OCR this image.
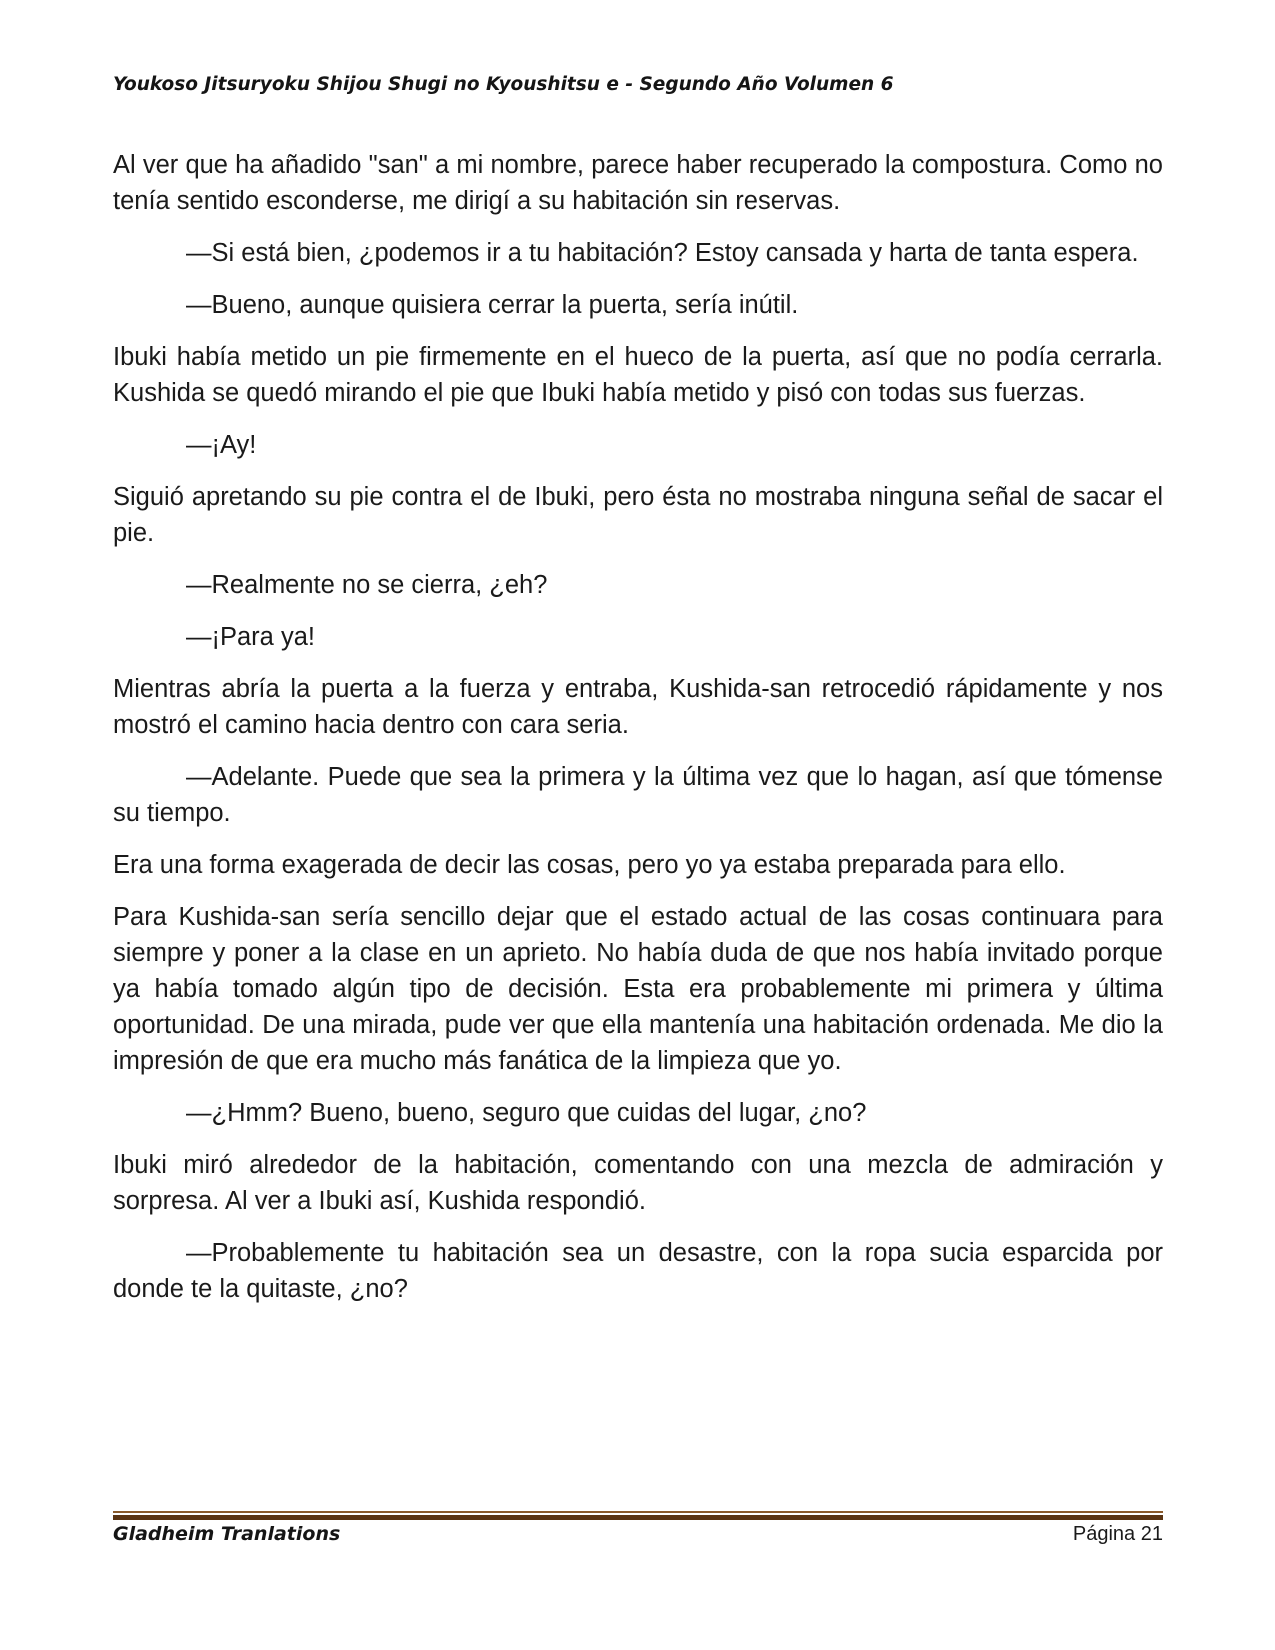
Youkoso Jitsuryoku Shijou Shugi no Kyoushitsu e - Segundo Año Volumen 6

Al ver que ha añadido "san" a mi nombre, parece haber recuperado la compostura. Como no tenía sentido esconderse, me dirigí a su habitación sin reservas.

—Si está bien, ¿podemos ir a tu habitación? Estoy cansada y harta de tanta espera.

—Bueno, aunque quisiera cerrar la puerta, sería inútil.

Ibuki había metido un pie firmemente en el hueco de la puerta, así que no podía cerrarla. Kushida se quedó mirando el pie que Ibuki había metido y pisó con todas sus fuerzas.

—¡Ay!

Siguió apretando su pie contra el de Ibuki, pero ésta no mostraba ninguna señal de sacar el pie.

—Realmente no se cierra, ¿eh?

—¡Para ya!

Mientras abría la puerta a la fuerza y entraba, Kushida-san retrocedió rápidamente y nos mostró el camino hacia dentro con cara seria.

—Adelante. Puede que sea la primera y la última vez que lo hagan, así que tómense su tiempo.

Era una forma exagerada de decir las cosas, pero yo ya estaba preparada para ello.

Para Kushida-san sería sencillo dejar que el estado actual de las cosas continuara para siempre y poner a la clase en un aprieto. No había duda de que nos había invitado porque ya había tomado algún tipo de decisión. Esta era probablemente mi primera y última oportunidad. De una mirada, pude ver que ella mantenía una habitación ordenada. Me dio la impresión de que era mucho más fanática de la limpieza que yo.

—¿Hmm? Bueno, bueno, seguro que cuidas del lugar, ¿no?

Ibuki miró alrededor de la habitación, comentando con una mezcla de admiración y sorpresa. Al ver a Ibuki así, Kushida respondió.

—Probablemente tu habitación sea un desastre, con la ropa sucia esparcida por donde te la quitaste, ¿no?

Gladheim Tranlations	Página 21
